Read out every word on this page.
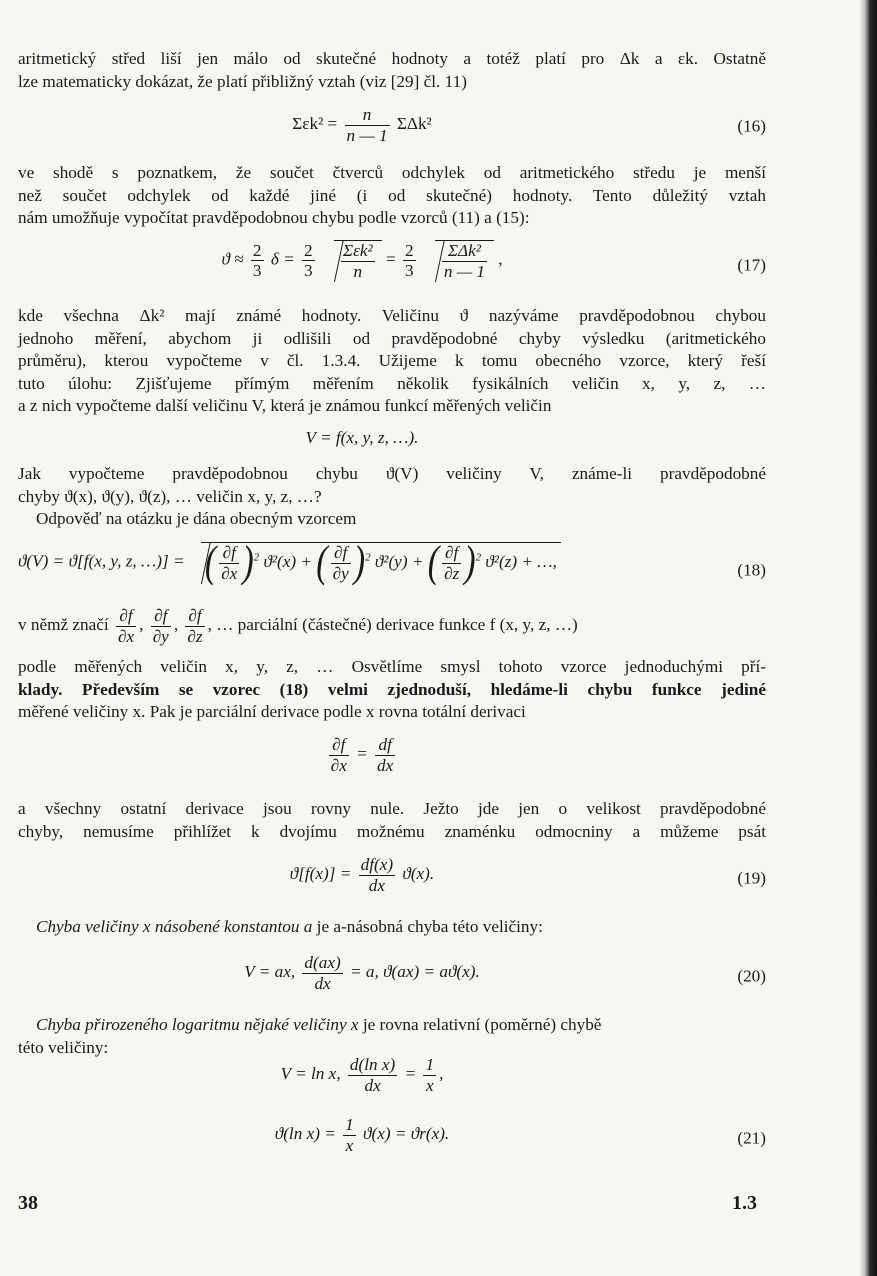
aritmetický střed liší jen málo od skutečné hodnoty a totéž platí pro Δk a εk. Ostatně
lze matematicky dokázat, že platí přibližný vztah (viz [29] čl. 11)
$\Sigma\varepsilon k^2 = \frac{n}{n — 1} \Sigma\Delta k^2$	(16)
ve shodě s poznatkem, že součet čtverců odchylek od aritmetického středu je menší
než součet odchylek od každé jiné (i od skutečné) hodnoty. Tento důležitý vztah
nám umožňuje vypočítat pravděpodobnou chybu podle vzorců (11) a (15):
$ϑ \approx \frac{2}{3}$ $\delta = \frac{2}{3}$
$\frac{\text{Σεk²}}{n} = \frac{2}{3}$
$\frac{\text{ΣΔk²}}{n — 1}$ ,	(17)
kde všechna Δk² mají známé hodnoty. Veličinu ϑ nazýváme pravděpodobnou chybou
jednoho měření, abychom ji odlišili od pravděpodobné chyby výsledku (aritmetického
průměru), kterou vypočteme v čl. 1.3.4. Užijeme k tomu obecného vzorce, který řeší
tuto úlohu: Zjišťujeme přímým měřením několik fysikálních veličin x, y, z, …
a z nich vypočteme další veličinu V, která je známou funkcí měřených veličin
V = f(x, y, z, …).
Jak vypočteme pravděpodobnou chybu ϑ(V) veličiny V, známe-li pravděpodobné
chyby ϑ(x), ϑ(y), ϑ(z), … veličin x, y, z, …?
Odpověď na otázku je dána obecným vzorcem
ϑ(V) = ϑ[f(x, y, z, …)] = ( $\frac{\partial f}{\partial x} )^2$ ϑ²(x) + ( $\frac{\partial f}{\partial y} )^2$ ϑ²(y) + ( $\frac{\partial f}{\partial z} )^2$ ϑ²(z) + …,	(18)
v němž značí $\frac{\partial f}{\partial x}$ , $\frac{\partial f}{\partial y}$ , $\frac{\partial f}{\partial z}$ , … parciální (částečné) derivace funkce f (x, y, z, …)
podle měřených veličin x, y, z, … Osvětlíme smysl tohoto vzorce jednoduchými pří-
klady. Především se vzorec (18) velmi zjednoduší, hledáme-li chybu funkce jediné
měřené veličiny x. Pak je parciální derivace podle x rovna totální derivaci
$\frac{\partial f}{\partial x} = \frac{df}{dx}$
a všechny ostatní derivace jsou rovny nule. Ježto jde jen o velikost pravděpodobné
chyby, nemusíme přihlížet k dvojímu možnému znaménku odmocniny a můžeme psát
$ϑ[f(x)] = \frac{df(x)}{dx} ϑ(x)$.	(19)
Chyba veličiny x násobené konstantou a je a-násobná chyba této veličiny:
V = ax, $\frac{d(ax)}{dx} = a$, ϑ(ax) = aϑ(x).	(20)
Chyba přirozeného logaritmu nějaké veličiny x je rovna relativní (poměrné) chybě
této veličiny:
V = ln x, $\frac{\text{d(ln x)}}{dx} = \frac{1}{x}$ ,
ϑ(ln $x) = \frac{1}{x} ϑ(x) = ϑr(x)$.	(21)
38	1.3
